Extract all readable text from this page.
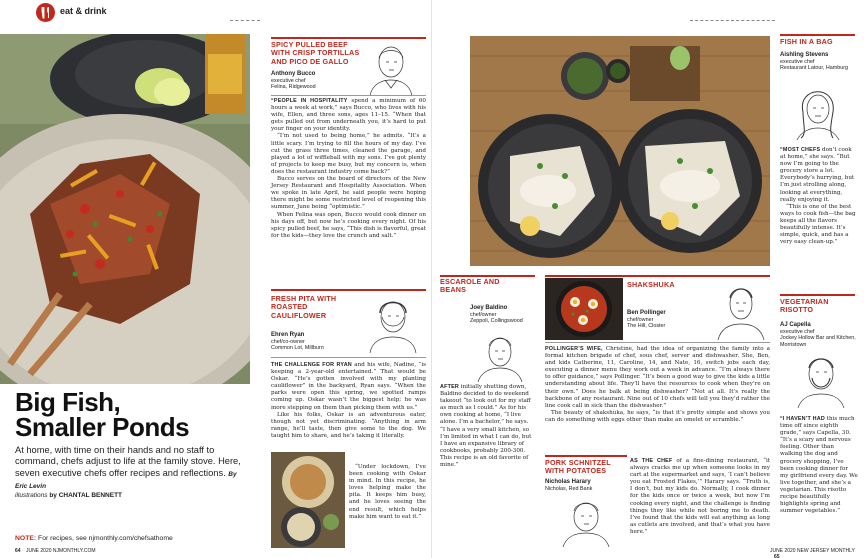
eat & drink
Big Fish,
Smaller Ponds
At home, with time on their hands and no staff to command, chefs adjust to life at the family stove. Here, seven executive chefs offer recipes and reflections. By Eric Levin
illustrations by CHANTAL BENNETT
NOTE: For recipes, see njmonthly.com/chefsathome
SPICY PULLED BEEF WITH CRISP TORTILLAS AND PICO DE GALLO
Anthony Bucco
executive chef
Felina, Ridgewood

“PEOPLE IN HOSPITALITY spend a minimum of 60 hours a week at work,” says Bucco, who lives with his wife, Ellen, and three sons, ages 11–15. “When that gets pulled out from underneath you, it’s hard to put your finger on your identity.

“I’m not used to being home,” he admits. “It’s a little scary. I’m trying to fill the hours of my day. I’ve cut the grass three times, cleaned the garage, and played a lot of wiffleball with my sons. I’ve got plenty of projects to keep me busy, but my concern is, when does the restaurant industry come back?”

Bucco serves on the board of directors of the New Jersey Restaurant and Hospitality Association. When we spoke in late April, he said people were hoping there might be some restricted level of reopening this summer, June being “optimistic.”

When Felina was open, Bucco would cook dinner on his days off, but now he’s cooking every night. Of his spicy pulled beef, he says, “This dish is flavorful, great for the kids—they love the crunch and salt.”

FRESH PITA WITH ROASTED CAULIFLOWER
Ehren Ryan
chef/co-owner
Common Lot, Millburn

THE CHALLENGE FOR RYAN and his wife, Nadine, “is keeping a 2-year-old entertained.” That would be Oskar. “He’s gotten involved with my planting cauliflower” in the backyard, Ryan says. “When the parks were open this spring, we spotted ramps coming up. Oskar wasn’t the biggest help; he was more stepping on them than picking them with us.”

Like his folks, Oskar is an adventurous eater, though not yet discriminating. “Anything in arm range, he’ll taste, then give some to the dog. We taught him to share, and he’s taking it literally.

“Under lockdown, I’ve been cooking with Oskar in mind. In this recipe, he loves helping make the pita. It keeps him busy, and he loves seeing the end result, which helps make him want to eat it.”

64 JUNE 2020 NJMONTHLY.COM
FISH IN A BAG
Aishling Stevens
executive chef
Restaurant Latour, Hamburg

“MOST CHEFS don’t cook at home,” she says. “But now I’m going to the grocery store a lot. Everybody’s hurrying, but I’m just strolling along, looking at everything, really enjoying it.

“This is one of the best ways to cook fish—the bag keeps all the flavors beautifully intense. It’s simple, quick, and has a very easy clean-up.”

VEGETARIAN RISOTTO
AJ Capella
executive chef
Jockey Hollow Bar and Kitchen, Morristown

“I HAVEN’T HAD this much time off since eighth grade,” says Capella, 30. “It’s a scary and nervous feeling. Other than walking the dog and grocery shopping, I’ve been cooking dinner for my girlfriend every day. We live together, and she’s a vegetarian. This risotto recipe beautifully highlights spring and summer vegetables.”

ESCAROLE AND BEANS
Joey Baldino
chef/owner
Zeppoli, Collingswood

AFTER initially shutting down, Baldino decided to do weekend takeout “to look out for my staff as much as I could.” As for his own cooking at home, “I live alone. I’m a bachelor,” he says. “I have a very small kitchen, so I’m limited in what I can do, but I have an expansive library of cookbooks, probably 200-300. This recipe is an old favorite of mine.”

SHAKSHUKA
Ben Pollinger
chef/owner
The Hill, Closter

POLLINGER’S WIFE, Christine, had the idea of organizing the family into a formal kitchen brigade of chef, sous chef, server and dishwasher. She, Ben, and kids Catherine, 11, Caroline, 14, and Nate, 16, switch jobs each day, executing a dinner menu they work out a week in advance. “I’m always there to offer guidance,” says Pollinger. “It’s been a good way to give the kids a little understanding about life. They’ll have the resources to cook when they’re on their own.” Does he balk at being dishwasher? “Not at all. It’s really the backbone of any restaurant. Nine out of 10 chefs will tell you they’d rather the line cook call in sick than the dishwasher.”

The beauty of shakshuka, he says, “is that it’s pretty simple and shows you can do something with eggs other than make an omelet or scramble.”

PORK SCHNITZEL WITH POTATOES
Nicholas Harary
Nicholas, Red Bank

AS THE CHEF of a fine-dining restaurant, “it always cracks me up when someone looks in my cart at the supermarket and says, ‘I can’t believe you eat Frosted Flakes,’” Harary says. “Truth is, I don’t, but my kids do. Normally, I cook dinner for the kids once or twice a week, but now I’m cooking every night, and the challenge is finding things they like while not boring me to death. I’ve found that the kids will eat anything as long as cutlets are involved, and that’s what you have here.”

JUNE 2020 NEW JERSEY MONTHLY 65
